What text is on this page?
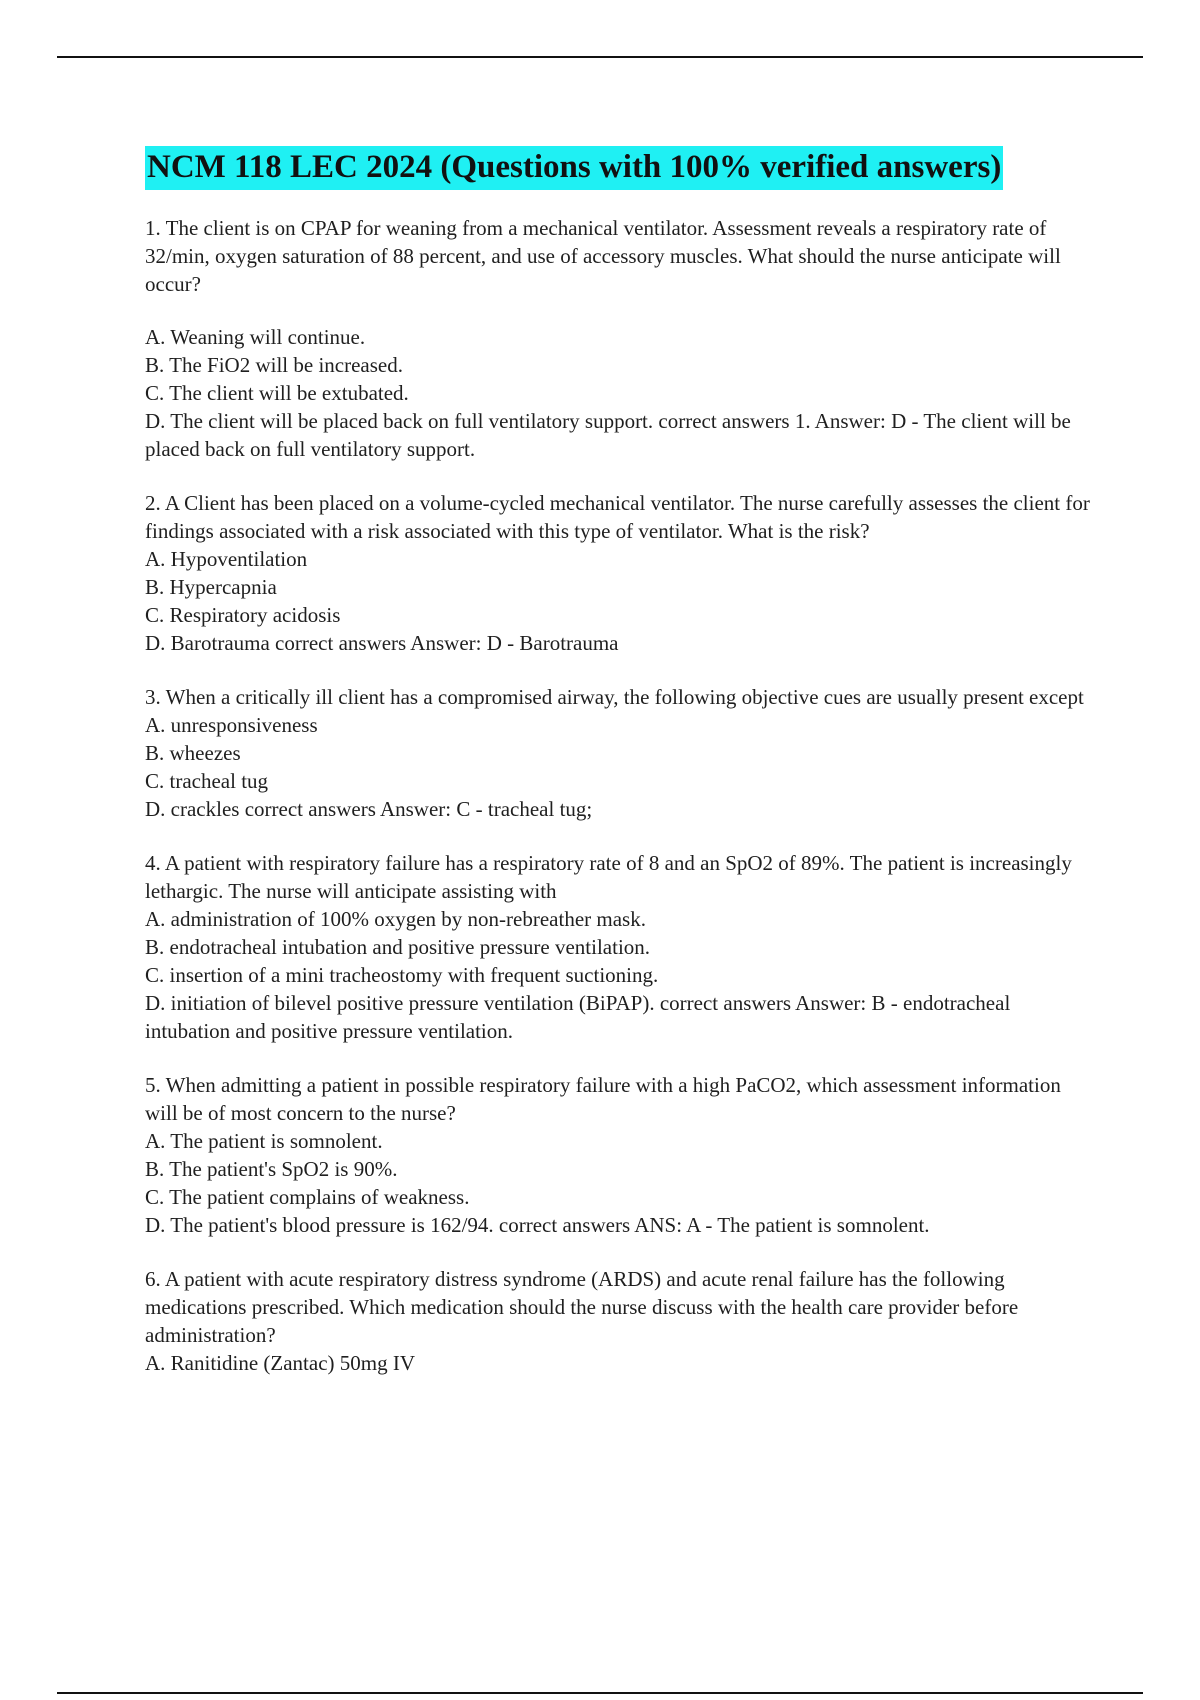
NCM 118 LEC 2024 (Questions with 100% verified answers)
1. The client is on CPAP for weaning from a mechanical ventilator. Assessment reveals a respiratory rate of 32/min, oxygen saturation of 88 percent, and use of accessory muscles. What should the nurse anticipate will occur?
A. Weaning will continue.
B. The FiO2 will be increased.
C. The client will be extubated.
D. The client will be placed back on full ventilatory support. correct answers 1. Answer: D - The client will be placed back on full ventilatory support.
2. A Client has been placed on a volume-cycled mechanical ventilator. The nurse carefully assesses the client for findings associated with a risk associated with this type of ventilator. What is the risk?
A. Hypoventilation
B. Hypercapnia
C. Respiratory acidosis
D. Barotrauma correct answers Answer: D - Barotrauma
3. When a critically ill client has a compromised airway, the following objective cues are usually present except
A. unresponsiveness
B. wheezes
C. tracheal tug
D. crackles correct answers Answer: C - tracheal tug;
4. A patient with respiratory failure has a respiratory rate of 8 and an SpO2 of 89%. The patient is increasingly lethargic. The nurse will anticipate assisting with
A. administration of 100% oxygen by non-rebreather mask.
B. endotracheal intubation and positive pressure ventilation.
C. insertion of a mini tracheostomy with frequent suctioning.
D. initiation of bilevel positive pressure ventilation (BiPAP). correct answers Answer: B - endotracheal intubation and positive pressure ventilation.
5. When admitting a patient in possible respiratory failure with a high PaCO2, which assessment information will be of most concern to the nurse?
A. The patient is somnolent.
B. The patient's SpO2 is 90%.
C. The patient complains of weakness.
D. The patient's blood pressure is 162/94. correct answers ANS: A - The patient is somnolent.
6. A patient with acute respiratory distress syndrome (ARDS) and acute renal failure has the following medications prescribed. Which medication should the nurse discuss with the health care provider before administration?
A. Ranitidine (Zantac) 50mg IV
